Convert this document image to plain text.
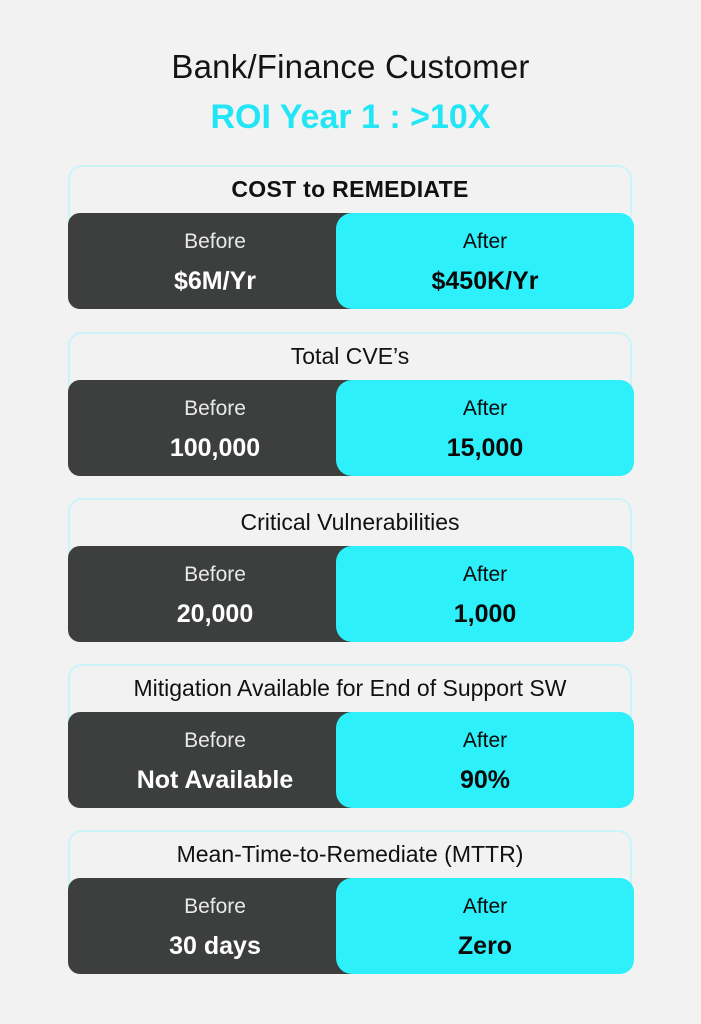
Bank/Finance Customer
ROI Year 1 : >10X
COST to REMEDIATE
Before
$6M/Yr
After
$450K/Yr
Total CVE’s
Before
100,000
After
15,000
Critical Vulnerabilities
Before
20,000
After
1,000
Mitigation Available for End of Support SW
Before
Not Available
After
90%
Mean-Time-to-Remediate (MTTR)
Before
30 days
After
Zero
